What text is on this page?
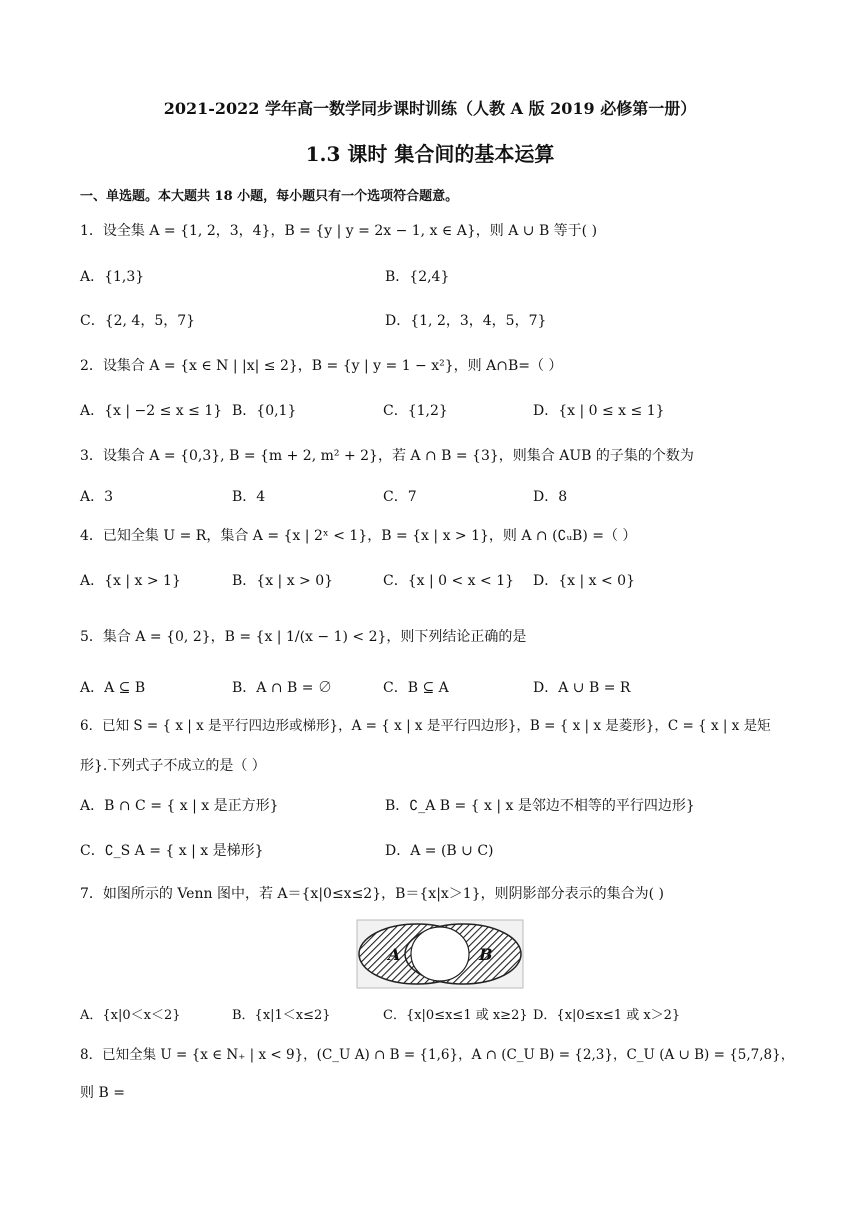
2021-2022 学年高一数学同步课时训练（人教 A 版 2019 必修第一册）
1.3 课时 集合间的基本运算
一、单选题。本大题共 18 小题，每小题只有一个选项符合题意。
1．设全集 A = {1, 2，3，4}，B = {y | y = 2x − 1, x ∈ A}，则 A ∪ B 等于( )
A．{1,3}	B．{2,4}
C．{2, 4，5，7}	D．{1, 2，3，4，5，7}
2．设集合 A = {x ∈ N | |x| ≤ 2}，B = {y | y = 1 − x²}，则 A∩B=（ ）
A．{x | −2 ≤ x ≤ 1} B．{0,1}	C．{1,2}	D．{x | 0 ≤ x ≤ 1}
3．设集合 A = {0,3}, B = {m + 2, m² + 2}，若 A ∩ B = {3}，则集合 AUB 的子集的个数为
A．3	B．4	C．7	D．8
4．已知全集 U = R，集合 A = {x | 2ˣ < 1}，B = {x | x > 1}，则 A ∩ (∁ᵤB) =（ ）
A．{x | x > 1}	B．{x | x > 0}	C．{x | 0 < x < 1} D．{x | x < 0}
5．集合 A = {0, 2}，B = {x | 1/(x − 1) < 2}，则下列结论正确的是
A．A ⊆ B	B．A ∩ B = ∅	C．B ⊆ A	D．A ∪ B = R
6．已知 S = { x | x 是平行四边形或梯形}，A = { x | x 是平行四边形}，B = { x | x 是菱形}，C = { x | x 是矩
形}.下列式子不成立的是（ ）
A．B ∩ C = { x | x 是正方形}	B．∁_A B = { x | x 是邻边不相等的平行四边形}
C．∁_S A = { x | x 是梯形}	D．A = (B ∪ C)
7．如图所示的 Venn 图中，若 A＝{x|0≤x≤2}，B＝{x|x＞1}，则阴影部分表示的集合为( )
A	B
A．{x|0＜x＜2}	B．{x|1＜x≤2}	C．{x|0≤x≤1 或 x≥2} D．{x|0≤x≤1 或 x＞2}
8．已知全集 U = {x ∈ N₊ | x < 9}，(C_U A) ∩ B = {1,6}，A ∩ (C_U B) = {2,3}，C_U (A ∪ B) = {5,7,8}，
则 B =
